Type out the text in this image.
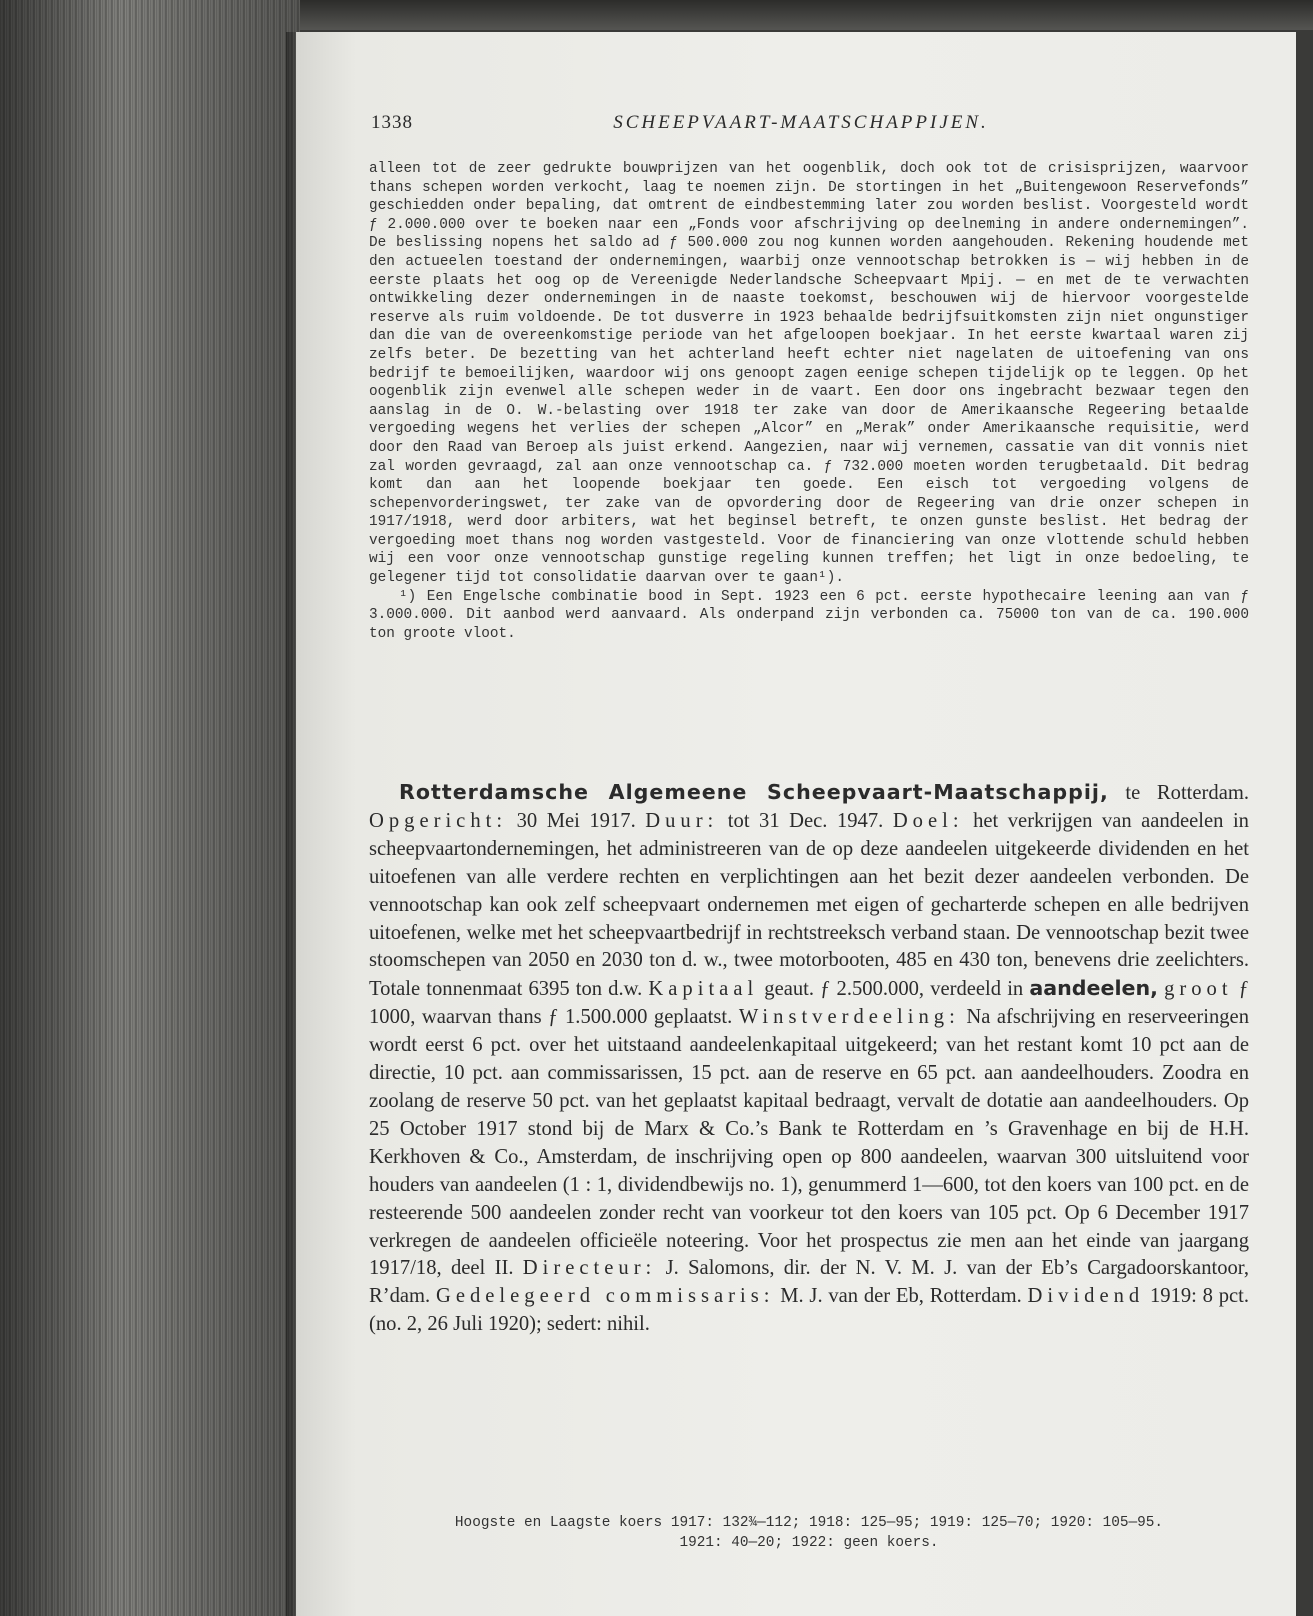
1338	SCHEEPVAART-MAATSCHAPPIJEN.

alleen tot de zeer gedrukte bouwprijzen van het oogenblik, doch ook tot de crisisprijzen, waarvoor thans schepen worden verkocht, laag te noemen zijn. De stortingen in het „Buitengewoon Reservefonds” geschiedden onder bepaling, dat omtrent de eindbestemming later zou worden beslist. Voorgesteld wordt ƒ 2.000.000 over te boeken naar een „Fonds voor afschrijving op deelneming in andere ondernemingen”. De beslissing nopens het saldo ad ƒ 500.000 zou nog kunnen worden aangehouden. Rekening houdende met den actueelen toestand der ondernemingen, waarbij onze vennootschap betrokken is — wij hebben in de eerste plaats het oog op de Vereenigde Nederlandsche Scheepvaart Mpij. — en met de te verwachten ontwikkeling dezer ondernemingen in de naaste toekomst, beschouwen wij de hiervoor voorgestelde reserve als ruim voldoende. De tot dusverre in 1923 behaalde bedrijfsuitkomsten zijn niet ongunstiger dan die van de overeenkomstige periode van het afgeloopen boekjaar. In het eerste kwartaal waren zij zelfs beter. De bezetting van het achterland heeft echter niet nagelaten de uitoefening van ons bedrijf te bemoeilijken, waardoor wij ons genoopt zagen eenige schepen tijdelijk op te leggen. Op het oogenblik zijn evenwel alle schepen weder in de vaart. Een door ons ingebracht bezwaar tegen den aanslag in de O. W.-belasting over 1918 ter zake van door de Amerikaansche Regeering betaalde vergoeding wegens het verlies der schepen „Alcor” en „Merak” onder Amerikaansche requisitie, werd door den Raad van Beroep als juist erkend. Aangezien, naar wij vernemen, cassatie van dit vonnis niet zal worden gevraagd, zal aan onze vennootschap ca. ƒ 732.000 moeten worden terugbetaald. Dit bedrag komt dan aan het loopende boekjaar ten goede. Een eisch tot vergoeding volgens de schepenvorderingswet, ter zake van de opvordering door de Regeering van drie onzer schepen in 1917/1918, werd door arbiters, wat het beginsel betreft, te onzen gunste beslist. Het bedrag der vergoeding moet thans nog worden vastgesteld. Voor de financiering van onze vlottende schuld hebben wij een voor onze vennootschap gunstige regeling kunnen treffen; het ligt in onze bedoeling, te gelegener tijd tot consolidatie daarvan over te gaan¹).

¹) Een Engelsche combinatie bood in Sept. 1923 een 6 pct. eerste hypothecaire leening aan van ƒ 3.000.000. Dit aanbod werd aanvaard. Als onderpand zijn verbonden ca. 75000 ton van de ca. 190.000 ton groote vloot.

Rotterdamsche Algemeene Scheepvaart-Maatschappij, te Rotterdam. Opgericht: 30 Mei 1917. Duur: tot 31 Dec. 1947. Doel: het verkrijgen van aandeelen in scheepvaartondernemingen, het administreeren van de op deze aandeelen uitgekeerde dividenden en het uitoefenen van alle verdere rechten en verplichtingen aan het bezit dezer aandeelen verbonden. De vennootschap kan ook zelf scheepvaart ondernemen met eigen of gecharterde schepen en alle bedrijven uitoefenen, welke met het scheepvaartbedrijf in rechtstreeksch verband staan. De vennootschap bezit twee stoomschepen van 2050 en 2030 ton d. w., twee motorbooten, 485 en 430 ton, benevens drie zeelichters. Totale tonnenmaat 6395 ton d.w. Kapitaal geaut. ƒ 2.500.000, verdeeld in aandeelen, groot ƒ 1000, waarvan thans ƒ 1.500.000 geplaatst. Winstverdeeling: Na afschrijving en reserveeringen wordt eerst 6 pct. over het uitstaand aandeelenkapitaal uitgekeerd; van het restant komt 10 pct aan de directie, 10 pct. aan commissarissen, 15 pct. aan de reserve en 65 pct. aan aandeelhouders. Zoodra en zoolang de reserve 50 pct. van het geplaatst kapitaal bedraagt, vervalt de dotatie aan aandeelhouders. Op 25 October 1917 stond bij de Marx & Co.’s Bank te Rotterdam en ’s Gravenhage en bij de H.H. Kerkhoven & Co., Amsterdam, de inschrijving open op 800 aandeelen, waarvan 300 uitsluitend voor houders van aandeelen (1 : 1, dividendbewijs no. 1), genummerd 1—600, tot den koers van 100 pct. en de resteerende 500 aandeelen zonder recht van voorkeur tot den koers van 105 pct. Op 6 December 1917 verkregen de aandeelen officieële noteering. Voor het prospectus zie men aan het einde van jaargang 1917/18, deel II. Directeur: J. Salomons, dir. der N. V. M. J. van der Eb’s Cargadoorskantoor, R’dam. Gedelegeerd commissaris: M. J. van der Eb, Rotterdam. Dividend 1919: 8 pct. (no. 2, 26 Juli 1920); sedert: nihil.

Hoogste en Laagste koers 1917: 132¾—112; 1918: 125—95; 1919: 125—70; 1920: 105—95.
1921: 40—20; 1922: geen koers.
